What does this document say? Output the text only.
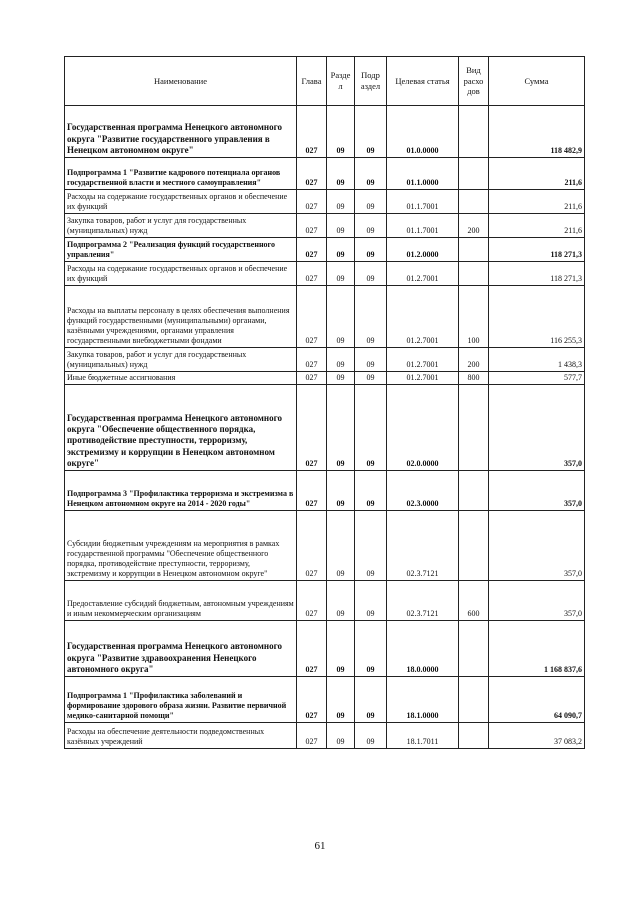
Наименование	Глава	Разде л	Подр аздел	Целевая статья	Вид расхо дов	Сумма
Государственная программа Ненецкого автономного округа "Развитие государственного управления в Ненецком автономном округе"	027	09	09	01.0.0000		118 482,9
Подпрограмма 1 "Развитие кадрового потенциала органов государственной власти и местного самоуправления"	027	09	09	01.1.0000		211,6
Расходы на содержание государственных органов и обеспечение их функций	027	09	09	01.1.7001		211,6
Закупка товаров, работ и услуг для государственных (муниципальных) нужд	027	09	09	01.1.7001	200	211,6
Подпрограмма 2 "Реализация функций государственного управления"	027	09	09	01.2.0000		118 271,3
Расходы на содержание государственных органов и обеспечение их функций	027	09	09	01.2.7001		118 271,3
Расходы на выплаты персоналу в целях обеспечения выполнения функций государственными (муниципальными) органами, казёнными учреждениями, органами управления государственными внебюджетными фондами	027	09	09	01.2.7001	100	116 255,3
Закупка товаров, работ и услуг для государственных (муниципальных) нужд	027	09	09	01.2.7001	200	1 438,3
Иные бюджетные ассигнования	027	09	09	01.2.7001	800	577,7
Государственная программа Ненецкого автономного округа "Обеспечение общественного порядка, противодействие преступности, терроризму, экстремизму и коррупции в Ненецком автономном округе"	027	09	09	02.0.0000		357,0
Подпрограмма 3 "Профилактика терроризма и экстремизма в Ненецком автономном округе на 2014 - 2020 годы"	027	09	09	02.3.0000		357,0
Субсидии бюджетным учреждениям на мероприятия в рамках государственной программы "Обеспечение общественного порядка, противодействие преступности, терроризму, экстремизму и коррупции в Ненецком автономном округе"	027	09	09	02.3.7121		357,0
Предоставление субсидий бюджетным, автономным учреждениям и иным некоммерческим организациям	027	09	09	02.3.7121	600	357,0
Государственная программа Ненецкого автономного округа "Развитие здравоохранения Ненецкого автономного округа"	027	09	09	18.0.0000		1 168 837,6
Подпрограмма 1 "Профилактика заболеваний и формирование здорового образа жизни. Развитие первичной медико-санитарной помощи"	027	09	09	18.1.0000		64 090,7
Расходы на обеспечение деятельности подведомственных казённых учреждений	027	09	09	18.1.7011		37 083,2
61
